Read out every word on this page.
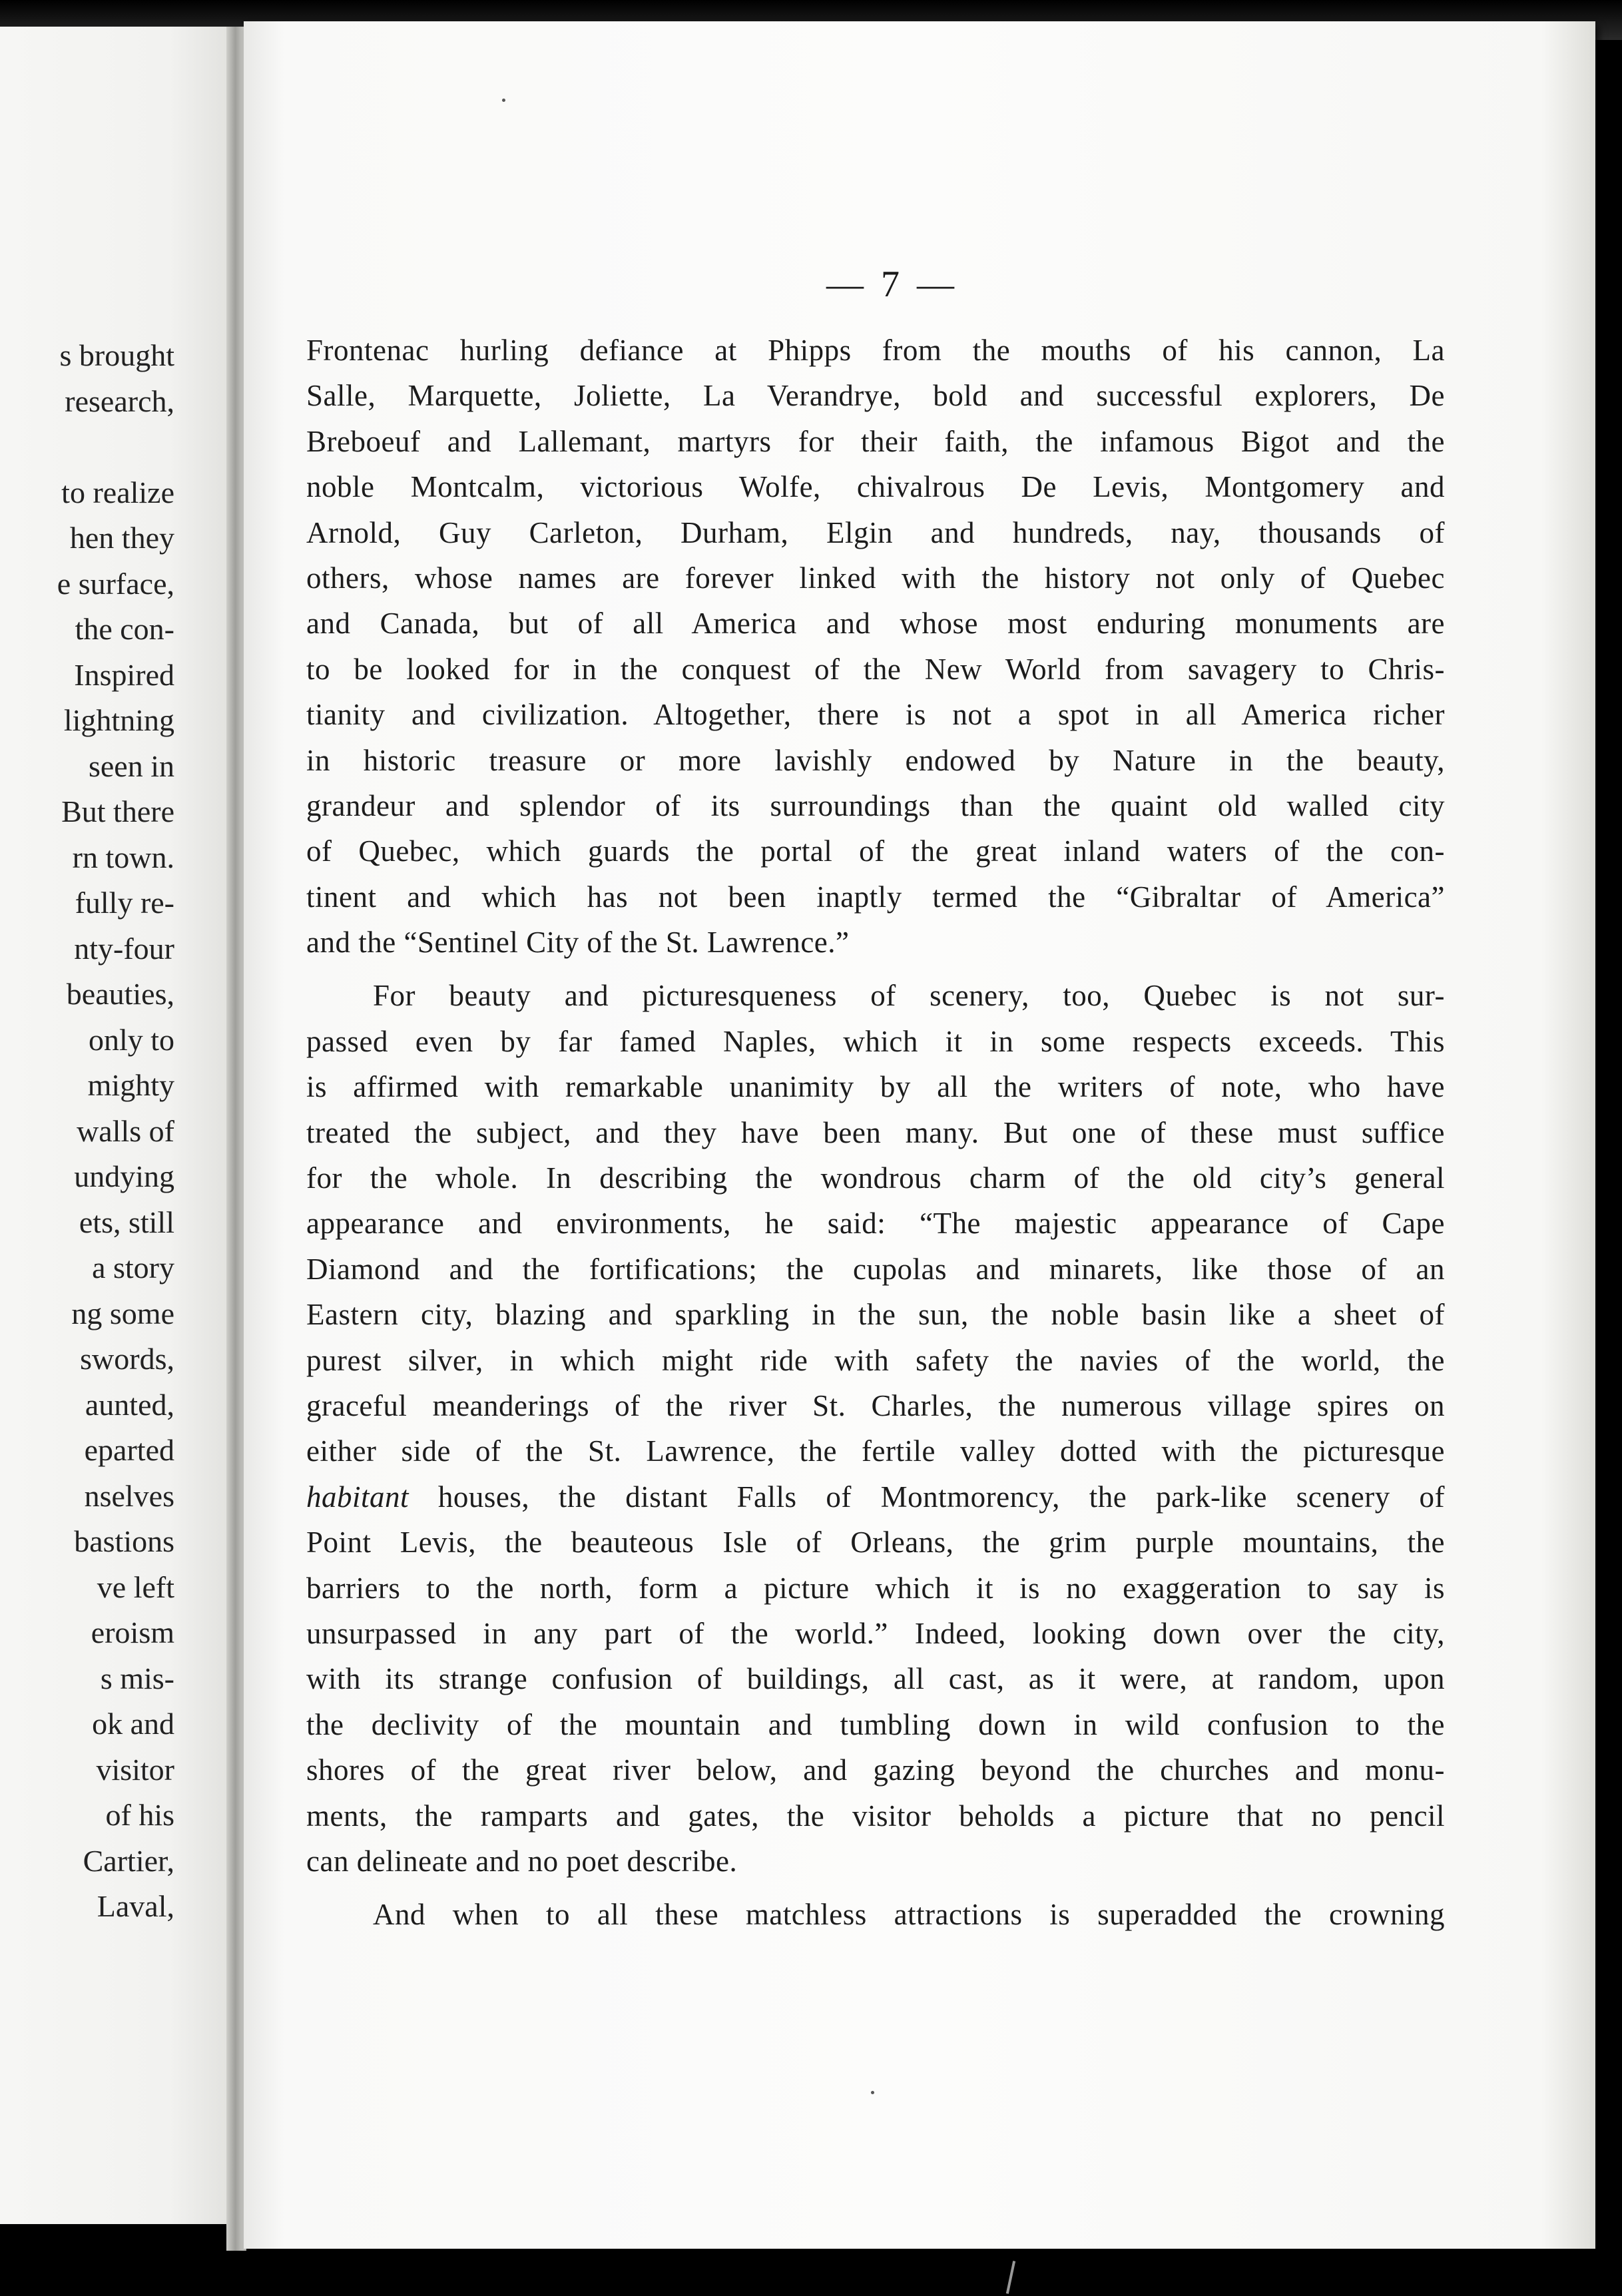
s brought
research,
to realize
hen they
e surface,
the con-
Inspired
lightning
seen in
But there
rn town.
fully re-
nty-four
beauties,
only to
mighty
walls of
undying
ets, still
a story
ng some
swords,
aunted,
eparted
nselves
bastions
ve left
eroism
s mis-
ok and
visitor
of his
Cartier,
Laval,
— 7 —
Frontenac hurling defiance at Phipps from the mouths of his cannon, La
Salle, Marquette, Joliette, La Verandrye, bold and successful explorers, De
Breboeuf and Lallemant, martyrs for their faith, the infamous Bigot and the
noble Montcalm, victorious Wolfe, chivalrous De Levis, Montgomery and
Arnold, Guy Carleton, Durham, Elgin and hundreds, nay, thousands of
others, whose names are forever linked with the history not only of Quebec
and Canada, but of all America and whose most enduring monuments are
to be looked for in the conquest of the New World from savagery to Chris-
tianity and civilization. Altogether, there is not a spot in all America richer
in historic treasure or more lavishly endowed by Nature in the beauty,
grandeur and splendor of its surroundings than the quaint old walled city
of Quebec, which guards the portal of the great inland waters of the con-
tinent and which has not been inaptly termed the “Gibraltar of America”
and the “Sentinel City of the St. Lawrence.”
For beauty and picturesqueness of scenery, too, Quebec is not sur-
passed even by far famed Naples, which it in some respects exceeds. This
is affirmed with remarkable unanimity by all the writers of note, who have
treated the subject, and they have been many. But one of these must suffice
for the whole. In describing the wondrous charm of the old city’s general
appearance and environments, he said: “The majestic appearance of Cape
Diamond and the fortifications; the cupolas and minarets, like those of an
Eastern city, blazing and sparkling in the sun, the noble basin like a sheet of
purest silver, in which might ride with safety the navies of the world, the
graceful meanderings of the river St. Charles, the numerous village spires on
either side of the St. Lawrence, the fertile valley dotted with the picturesque
habitant houses, the distant Falls of Montmorency, the park-like scenery of
Point Levis, the beauteous Isle of Orleans, the grim purple mountains, the
barriers to the north, form a picture which it is no exaggeration to say is
unsurpassed in any part of the world.” Indeed, looking down over the city,
with its strange confusion of buildings, all cast, as it were, at random, upon
the declivity of the mountain and tumbling down in wild confusion to the
shores of the great river below, and gazing beyond the churches and monu-
ments, the ramparts and gates, the visitor beholds a picture that no pencil
can delineate and no poet describe.
And when to all these matchless attractions is superadded the crowning
